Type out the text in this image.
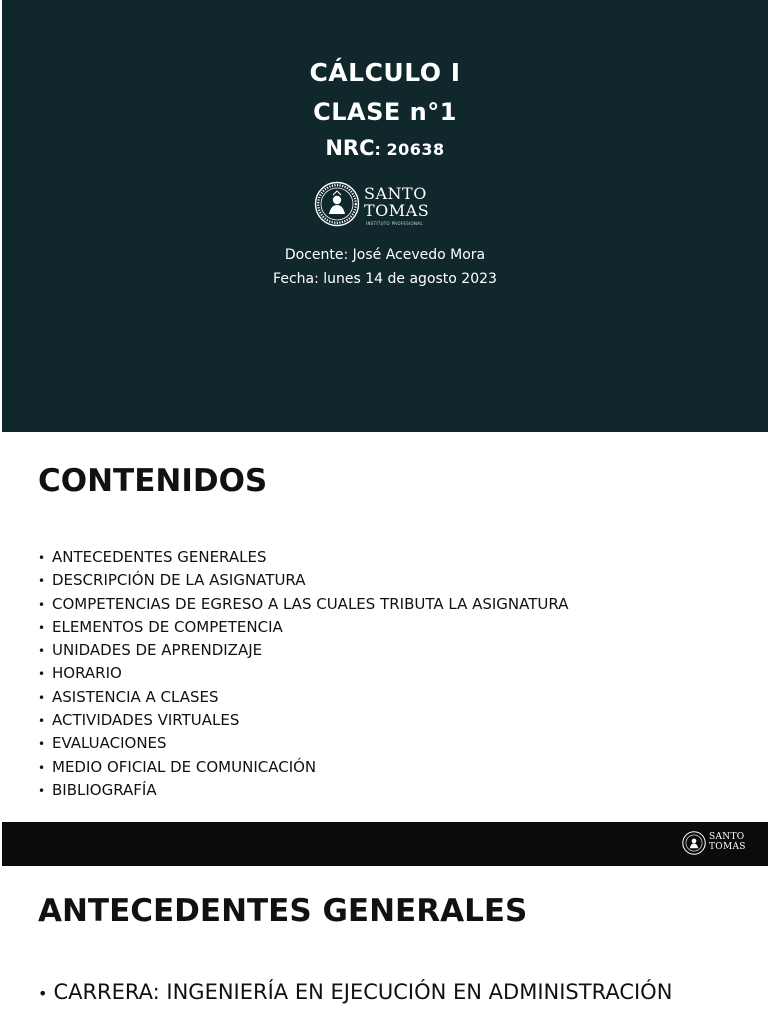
CÁLCULO I
CLASE n°1
NRC: 20638
SANTO
TOMAS
INSTITUTO PROFESIONAL
Docente: José Acevedo Mora
Fecha: lunes 14 de agosto 2023
CONTENIDOS
• ANTECEDENTES GENERALES
• DESCRIPCIÓN DE LA ASIGNATURA
• COMPETENCIAS DE EGRESO A LAS CUALES TRIBUTA LA ASIGNATURA
• ELEMENTOS DE COMPETENCIA
• UNIDADES DE APRENDIZAJE
• HORARIO
• ASISTENCIA A CLASES
• ACTIVIDADES VIRTUALES
• EVALUACIONES
• MEDIO OFICIAL DE COMUNICACIÓN
• BIBLIOGRAFÍA
SANTO
TOMAS
ANTECEDENTES GENERALES
• CARRERA: INGENIERÍA EN EJECUCIÓN EN ADMINISTRACIÓN
